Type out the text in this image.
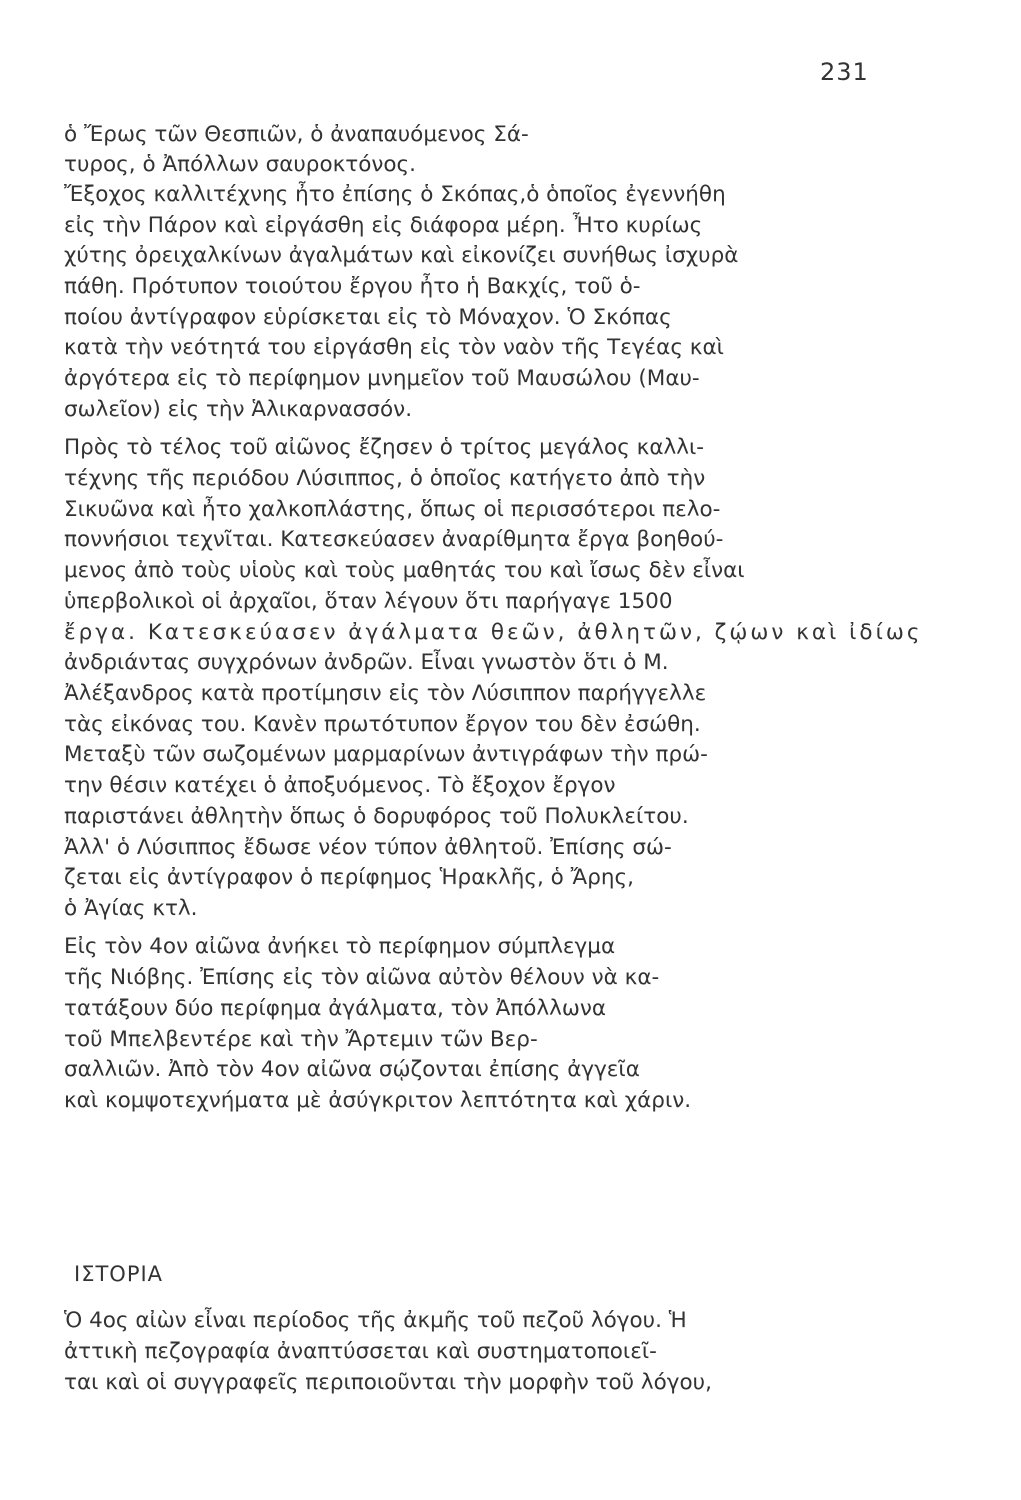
231
ὁ Ἔρως τῶν Θεσπιῶν, ὁ ἀναπαυόμενος Σά-
τυρος, ὁ Ἀπόλλων σαυροκτόνος.
Ἔξοχος καλλιτέχνης ἦτο ἐπίσης ὁ Σκόπας,ὁ ὁποῖος ἐγεννήθη
εἰς τὴν Πάρον καὶ εἰργάσθη εἰς διάφορα μέρη. Ἦτο κυρίως
χύτης ὀρειχαλκίνων ἀγαλμάτων καὶ εἰκονίζει συνήθως ἰσχυρὰ
πάθη. Πρότυπον τοιούτου ἔργου ἦτο ἡ Βακχίς, τοῦ ὁ-
ποίου ἀντίγραφον εὑρίσκεται εἰς τὸ Μόναχον. Ὁ Σκόπας
κατὰ τὴν νεότητά του εἰργάσθη εἰς τὸν ναὸν τῆς Τεγέας καὶ
ἀργότερα εἰς τὸ περίφημον μνημεῖον τοῦ Μαυσώλου (Μαυ-
σωλεῖον) εἰς τὴν Ἁλικαρνασσόν.
Πρὸς τὸ τέλος τοῦ αἰῶνος ἔζησεν ὁ τρίτος μεγάλος καλλι-
τέχνης τῆς περιόδου Λύσιππος, ὁ ὁποῖος κατήγετο ἀπὸ τὴν
Σικυῶνα καὶ ἦτο χαλκοπλάστης, ὅπως οἱ περισσότεροι πελο-
ποννήσιοι τεχνῖται. Κατεσκεύασεν ἀναρίθμητα ἔργα βοηθού-
μενος ἀπὸ τοὺς υἱοὺς καὶ τοὺς μαθητάς του καὶ ἴσως δὲν εἶναι
ὑπερβολικοὶ οἱ ἀρχαῖοι, ὅταν λέγουν ὅτι παρήγαγε 1500
ἔργα. Κατεσκεύασεν ἀγάλματα θεῶν, ἀθλητῶν, ζῴων καὶ ἰδίως
ἀνδριάντας συγχρόνων ἀνδρῶν. Εἶναι γνωστὸν ὅτι ὁ Μ.
Ἀλέξανδρος κατὰ προτίμησιν εἰς τὸν Λύσιππον παρήγγελλε
τὰς εἰκόνας του. Κανὲν πρωτότυπον ἔργον του δὲν ἐσώθη.
Μεταξὺ τῶν σωζομένων μαρμαρίνων ἀντιγράφων τὴν πρώ-
την θέσιν κατέχει ὁ ἀποξυόμενος. Τὸ ἔξοχον ἔργον
παριστάνει ἀθλητὴν ὅπως ὁ δορυφόρος τοῦ Πολυκλείτου.
Ἀλλ' ὁ Λύσιππος ἔδωσε νέον τύπον ἀθλητοῦ. Ἐπίσης σώ-
ζεται εἰς ἀντίγραφον ὁ περίφημος Ἡρακλῆς, ὁ Ἄρης,
ὁ Ἀγίας κτλ.
Εἰς τὸν 4ον αἰῶνα ἀνήκει τὸ περίφημον σύμπλεγμα
τῆς Νιόβης. Ἐπίσης εἰς τὸν αἰῶνα αὐτὸν θέλουν νὰ κα-
τατάξουν δύο περίφημα ἀγάλματα, τὸν Ἀπόλλωνα
τοῦ Μπελβεντέρε καὶ τὴν Ἄρτεμιν τῶν Βερ-
σαλλιῶν. Ἀπὸ τὸν 4ον αἰῶνα σῴζονται ἐπίσης ἀγγεῖα
καὶ κομψοτεχνήματα μὲ ἀσύγκριτον λεπτότητα καὶ χάριν.
ΙΣΤΟΡΙΑ
Ὁ 4ος αἰὼν εἶναι περίοδος τῆς ἀκμῆς τοῦ πεζοῦ λόγου. Ἡ
ἀττικὴ πεζογραφία ἀναπτύσσεται καὶ συστηματοποιεῖ-
ται καὶ οἱ συγγραφεῖς περιποιοῦνται τὴν μορφὴν τοῦ λόγου,
